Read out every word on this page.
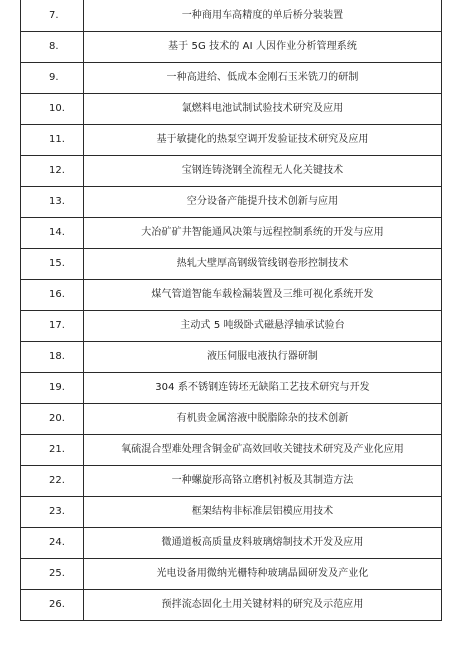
7.	一种商用车高精度的单后桥分装装置
8.	基于 5G 技术的 AI 人因作业分析管理系统
9.	一种高进给、低成本金刚石玉米铣刀的研制
10.	氯燃料电池试制试验技术研究及应用
11.	基于敏捷化的热泵空调开发验证技术研究及应用
12.	宝钢连铸浇钢全流程无人化关键技术
13.	空分设备产能提升技术创新与应用
14.	大冶矿矿井智能通风决策与远程控制系统的开发与应用
15.	热轧大壁厚高钢级管线钢卷形控制技术
16.	煤气管道智能车载检漏装置及三维可视化系统开发
17.	主动式 5 吨级卧式磁悬浮轴承试验台
18.	液压伺服电液执行器研制
19.	304 系不锈钢连铸坯无缺陷工艺技术研究与开发
20.	有机贵金属溶液中脱脂除杂的技术创新
21.	氧硫混合型难处理含铜金矿高效回收关键技术研究及产业化应用
22.	一种螺旋形高铬立磨机衬板及其制造方法
23.	框架结构非标准层铝模应用技术
24.	微通道板高质量皮料玻璃熔制技术开发及应用
25.	光电设备用微纳光栅特种玻璃晶圆研发及产业化
26.	预拌流态固化土用关键材料的研究及示范应用
